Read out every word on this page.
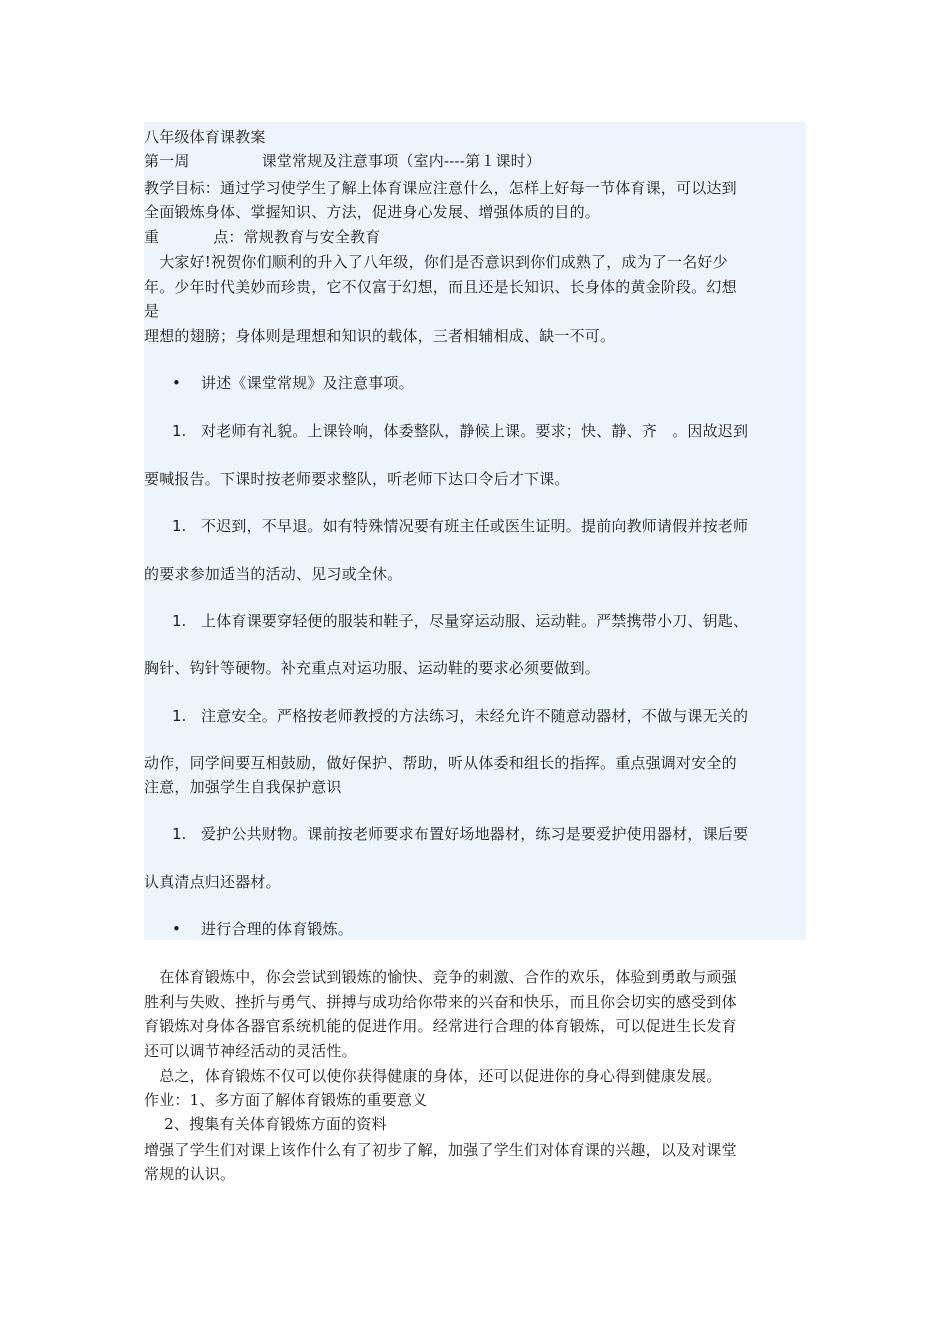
八年级体育课教案
第一周	课堂常规及注意事项（室内----第１课时）
教学目标：通过学习使学生了解上体育课应注意什么，怎样上好每一节体育课，可以达到
全面锻炼身体、掌握知识、方法，促进身心发展、增强体质的目的。
重	点：常规教育与安全教育
　大家好!祝贺你们顺利的升入了八年级，你们是否意识到你们成熟了，成为了一名好少
年。少年时代美妙而珍贵，它不仅富于幻想，而且还是长知识、长身体的黄金阶段。幻想
是
理想的翅膀；身体则是理想和知识的载体，三者相辅相成、缺一不可。
• 讲述《课堂常规》及注意事项。
1. 对老师有礼貌。上课铃响，体委整队，静候上课。要求；快、静、齐　。因故迟到
要喊报告。下课时按老师要求整队，听老师下达口令后才下课。
1. 不迟到，不早退。如有特殊情况要有班主任或医生证明。提前向教师请假并按老师
的要求参加适当的活动、见习或全休。
1. 上体育课要穿轻便的服装和鞋子，尽量穿运动服、运动鞋。严禁携带小刀、钥匙、
胸针、钩针等硬物。补充重点对运功服、运动鞋的要求必须要做到。
1. 注意安全。严格按老师教授的方法练习，未经允许不随意动器材，不做与课无关的
动作，同学间要互相鼓励，做好保护、帮助，听从体委和组长的指挥。重点强调对安全的
注意，加强学生自我保护意识
1. 爱护公共财物。课前按老师要求布置好场地器材，练习是要爱护使用器材，课后要
认真清点归还器材。
• 进行合理的体育锻炼。
　在体育锻炼中，你会尝试到锻炼的愉快、竞争的刺激、合作的欢乐，体验到勇敢与顽强
胜利与失败、挫折与勇气、拼搏与成功给你带来的兴奋和快乐，而且你会切实的感受到体
育锻炼对身体各器官系统机能的促进作用。经常进行合理的体育锻炼，可以促进生长发育
还可以调节神经活动的灵活性。
　总之，体育锻炼不仅可以使你获得健康的身体，还可以促进你的身心得到健康发展。
作业：1、多方面了解体育锻炼的重要意义
　 2、搜集有关体育锻炼方面的资料
增强了学生们对课上该作什么有了初步了解，加强了学生们对体育课的兴趣，以及对课堂
常规的认识。
